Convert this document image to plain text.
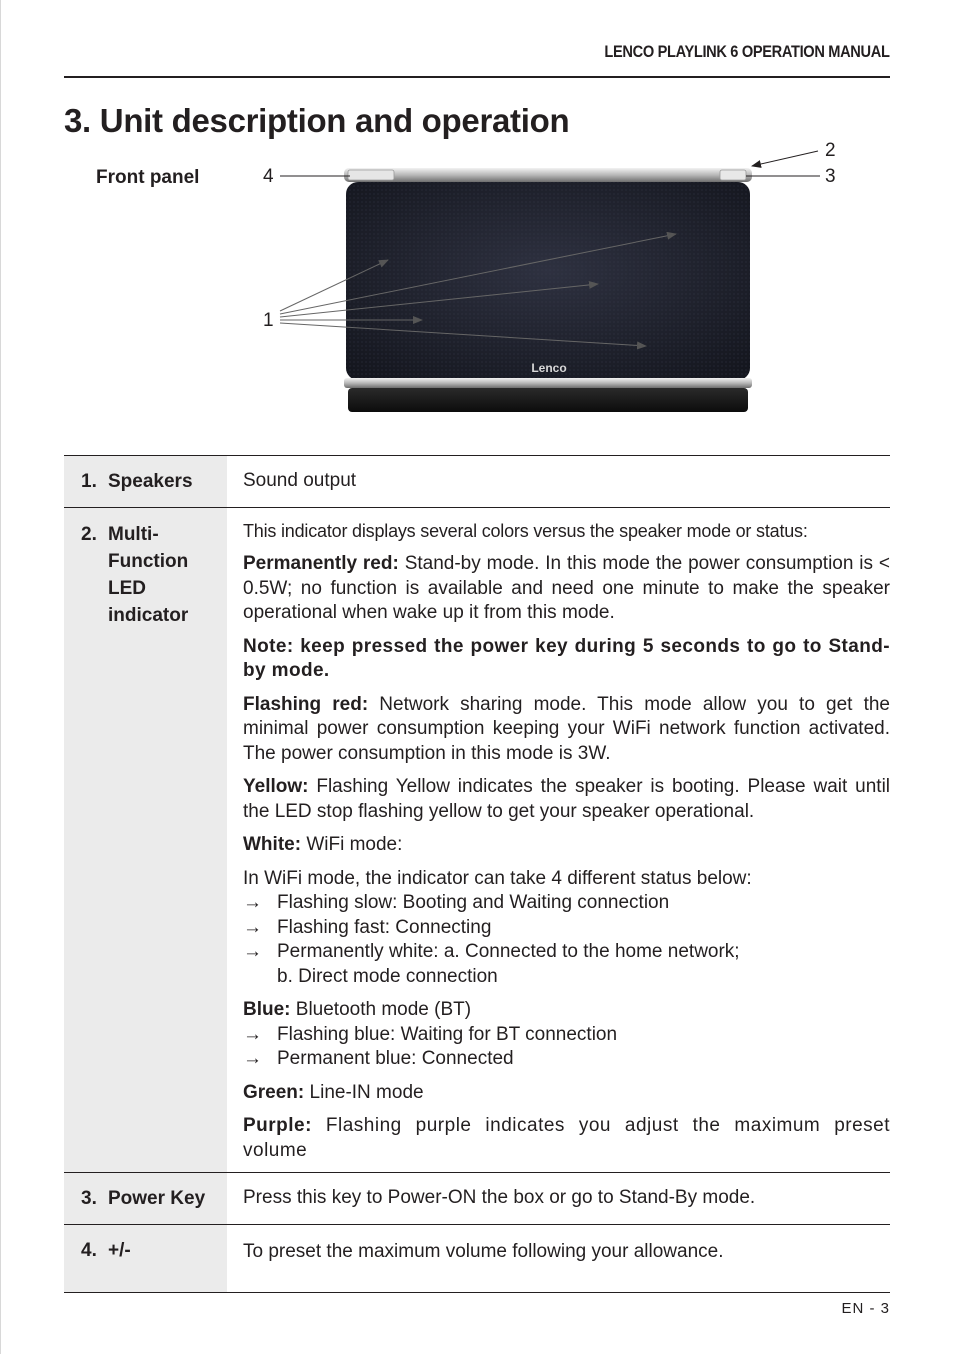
LENCO PLAYLINK 6 OPERATION MANUAL
3. Unit description and operation
Front panel
Lenco
4
2
3
1
1. Speakers	Sound output

2. Multi-
Function
LED
indicator

This indicator displays several colors versus the speaker mode or status:

Permanently red: Stand-by mode. In this mode the power consumption is < 0.5W; no function is available and need one minute to make the speaker operational when wake up it from this mode.

Note: keep pressed the power key during 5 seconds to go to Stand-by mode.

Flashing red: Network sharing mode. This mode allow you to get the minimal power consumption keeping your WiFi network function activated. The power consumption in this mode is 3W.

Yellow: Flashing Yellow indicates the speaker is booting. Please wait until the LED stop flashing yellow to get your speaker operational.

White: WiFi mode:

In WiFi mode, the indicator can take 4 different status below:
→ Flashing slow: Booting and Waiting connection
→ Flashing fast: Connecting
→ Permanently white: a. Connected to the home network;
b. Direct mode connection

Blue: Bluetooth mode (BT)
→ Flashing blue: Waiting for BT connection
→ Permanent blue: Connected

Green: Line-IN mode

Purple: Flashing purple indicates you adjust the maximum preset volume

3. Power Key Press this key to Power-ON the box or go to Stand-By mode.

4. +/-	To preset the maximum volume following your allowance.

EN - 3
